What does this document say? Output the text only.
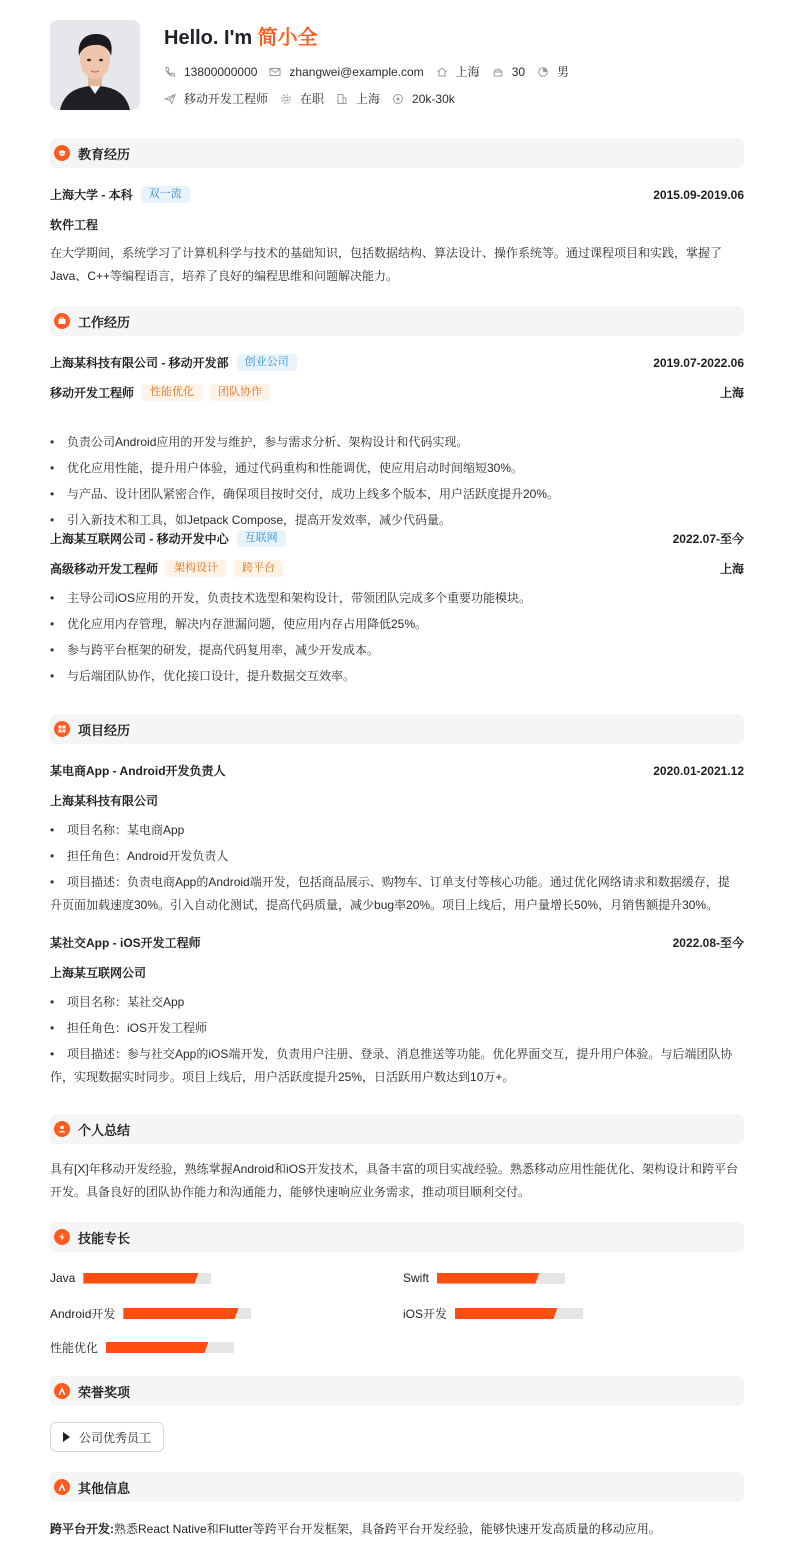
Hello. I'm 简小全
13800000000	zhangwei@example.com	上海	30	男
移动开发工程师	在职	上海	20k-30k
教育经历
上海大学 - 本科	双一流	2015.09-2019.06
软件工程
在大学期间，系统学习了计算机科学与技术的基础知识，包括数据结构、算法设计、操作系统等。通过课程项目和实践，掌握了
Java、C++等编程语言，培养了良好的编程思维和问题解决能力。
工作经历
上海某科技有限公司 - 移动开发部	创业公司	2019.07-2022.06
移动开发工程师	性能优化	团队协作	上海
• 负责公司Android应用的开发与维护，参与需求分析、架构设计和代码实现。
• 优化应用性能，提升用户体验，通过代码重构和性能调优，使应用启动时间缩短30%。
• 与产品、设计团队紧密合作，确保项目按时交付，成功上线多个版本，用户活跃度提升20%。
• 引入新技术和工具，如Jetpack Compose，提高开发效率，减少代码量。
上海某互联网公司 - 移动开发中心	互联网	2022.07-至今
高级移动开发工程师	架构设计	跨平台	上海
• 主导公司iOS应用的开发，负责技术选型和架构设计，带领团队完成多个重要功能模块。
• 优化应用内存管理，解决内存泄漏问题，使应用内存占用降低25%。
• 参与跨平台框架的研发，提高代码复用率，减少开发成本。
• 与后端团队协作，优化接口设计，提升数据交互效率。
项目经历
某电商App - Android开发负责人	2020.01-2021.12
上海某科技有限公司
• 项目名称：某电商App
• 担任角色：Android开发负责人
• 项目描述：负责电商App的Android端开发，包括商品展示、购物车、订单支付等核心功能。通过优化网络请求和数据缓存，提
升页面加载速度30%。引入自动化测试，提高代码质量，减少bug率20%。项目上线后，用户量增长50%，月销售额提升30%。
某社交App - iOS开发工程师	2022.08-至今
上海某互联网公司
• 项目名称：某社交App
• 担任角色：iOS开发工程师
• 项目描述：参与社交App的iOS端开发，负责用户注册、登录、消息推送等功能。优化界面交互，提升用户体验。与后端团队协
作，实现数据实时同步。项目上线后，用户活跃度提升25%，日活跃用户数达到10万+。
个人总结
具有[X]年移动开发经验，熟练掌握Android和iOS开发技术，具备丰富的项目实战经验。熟悉移动应用性能优化、架构设计和跨平台
开发。具备良好的团队协作能力和沟通能力，能够快速响应业务需求，推动项目顺利交付。
技能专长
Java	Swift
Android开发	iOS开发
性能优化
荣誉奖项
公司优秀员工
其他信息
跨平台开发: 熟悉React Native和Flutter等跨平台开发框架，具备跨平台开发经验，能够快速开发高质量的移动应用。
